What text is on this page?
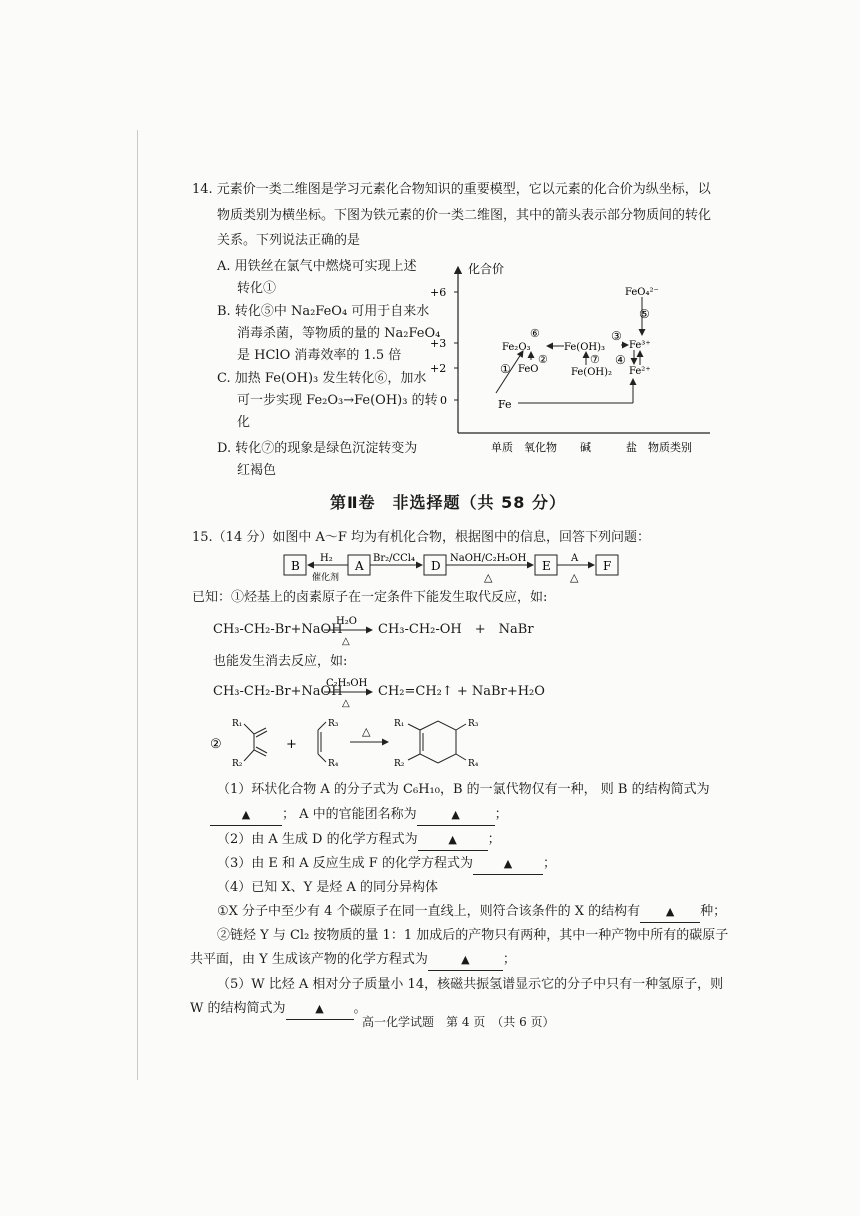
14. 元素价一类二维图是学习元素化合物知识的重要模型，它以元素的化合价为纵坐标，以
物质类别为横坐标。下图为铁元素的价一类二维图，其中的箭头表示部分物质间的转化
关系。下列说法正确的是
A. 用铁丝在氯气中燃烧可实现上述
转化①
B. 转化⑤中 Na₂FeO₄ 可用于自来水
消毒杀菌，等物质的量的 Na₂FeO₄
是 HClO 消毒效率的 1.5 倍
C. 加热 Fe(OH)₃ 发生转化⑥，加水
可一步实现 Fe₂O₃→Fe(OH)₃ 的转
化
D. 转化⑦的现象是绿色沉淀转变为
红褐色
化合价
+6
+3
+2
0
单质 氧化物 碱	盐 物质类别
FeO₄²⁻
Fe₂O₃
FeO
Fe(OH)₃
Fe(OH)₂
Fe³⁺
Fe²⁺
Fe
①
②
③
④
⑤
⑥
⑦
第Ⅱ卷　非选择题（共 58 分）
15.（14 分）如图中 A～F 均为有机化合物，根据图中的信息，回答下列问题：
B	A	D	E	F
H₂
催化剂
Br₂/CCl₄	NaOH/C₂H₅OH
△
A
△
已知：①烃基上的卤素原子在一定条件下能发生取代反应，如:
CH₃-CH₂-Br+NaOH
H₂O
△
CH₃-CH₂-OH　+　NaBr
也能发生消去反应，如:
CH₃-CH₂-Br+NaOH
C₂H₅OH
△
CH₂=CH₂↑ + NaBr+H₂O
②
R₁
R₂
+
R₃
R₄
△
R₁
R₂
R₃
R₄
（1）环状化合物 A 的分子式为 C₆H₁₀，B 的一氯代物仅有一种， 则 B 的结构简式为
▲ ； A 中的官能团名称为	▲	；
（2）由 A 生成 D 的化学方程式为	▲ ；
（3）由 E 和 A 反应生成 F 的化学方程式为	▲ ；
（4）已知 X、Y 是烃 A 的同分异构体
①X 分子中至少有 4 个碳原子在同一直线上，则符合该条件的 X 的结构有 ▲ 种；
②链烃 Y 与 Cl₂ 按物质的量 1：1 加成后的产物只有两种，其中一种产物中所有的碳原子
共平面，由 Y 生成该产物的化学方程式为	▲	；
（5）W 比烃 A 相对分子质量小 14，核磁共振氢谱显示它的分子中只有一种氢原子，则
W 的结构简式为	▲ 。
高一化学试题　第 4 页　（共 6 页）
